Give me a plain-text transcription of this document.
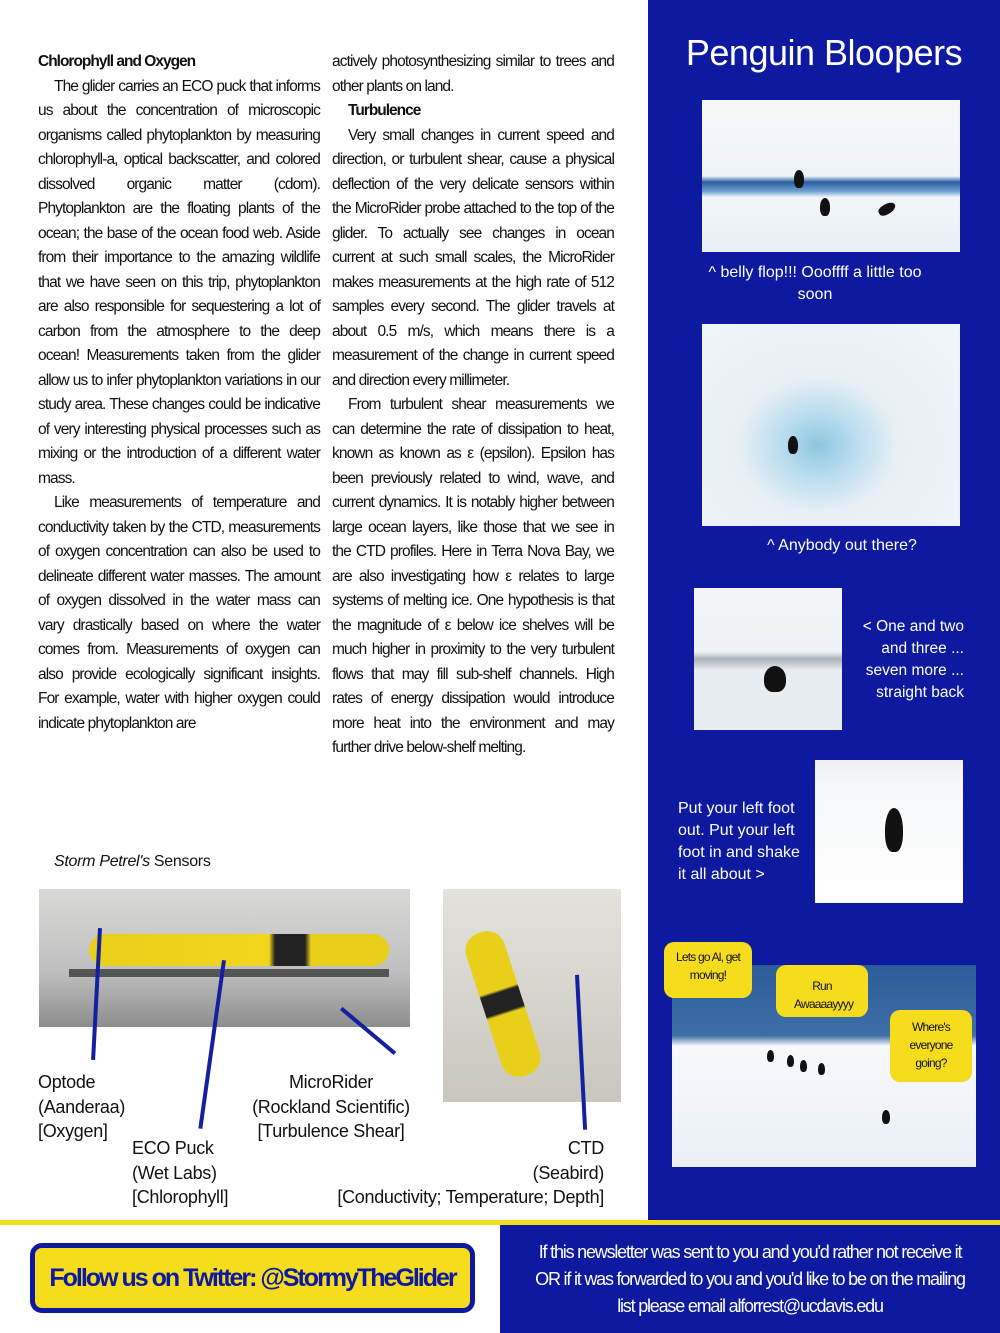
Chlorophyll and Oxygen

The glider carries an ECO puck that informs us about the concentration of microscopic organisms called phytoplankton by measuring chlorophyll-a, optical backscatter, and colored dissolved organic matter (cdom). Phytoplankton are the floating plants of the ocean; the base of the ocean food web. Aside from their importance to the amazing wildlife that we have seen on this trip, phytoplankton are also responsible for sequestering a lot of carbon from the atmosphere to the deep ocean! Measurements taken from the glider allow us to infer phytoplankton variations in our study area. These changes could be indicative of very interesting physical processes such as mixing or the introduction of a different water mass.

Like measurements of temperature and conductivity taken by the CTD, measurements of oxygen concentration can also be used to delineate different water masses. The amount of oxygen dissolved in the water mass can vary drastically based on where the water comes from. Measurements of oxygen can also provide ecologically significant insights. For example, water with higher oxygen could indicate phytoplankton are

actively photosynthesizing similar to trees and other plants on land.

Turbulence

Very small changes in current speed and direction, or turbulent shear, cause a physical deflection of the very delicate sensors within the MicroRider probe attached to the top of the glider. To actually see changes in ocean current at such small scales, the MicroRider makes measurements at the high rate of 512 samples every second. The glider travels at about 0.5 m/s, which means there is a measurement of the change in current speed and direction every millimeter.

From turbulent shear measurements we can determine the rate of dissipation to heat, known as known as ε (epsilon). Epsilon has been previously related to wind, wave, and current dynamics. It is notably higher between large ocean layers, like those that we see in the CTD profiles. Here in Terra Nova Bay, we are also investigating how ε relates to large systems of melting ice. One hypothesis is that the magnitude of ε below ice shelves will be much higher in proximity to the very turbulent flows that may fill sub-shelf channels. High rates of energy dissipation would introduce more heat into the environment and may further drive below-shelf melting.

Storm Petrel's Sensors
Optode
(Aanderaa)
[Oxygen]
ECO Puck
(Wet Labs)
[Chlorophyll]
MicroRider
(Rockland Scientific)
[Turbulence Shear]
CTD
(Seabird)
[Conductivity; Temperature; Depth]
Penguin Bloopers
^ belly flop!!! Oooffff a little too soon
^ Anybody out there?
< One and two
and three ...
seven more ...
straight back
Put your left foot out. Put your left foot in and shake it all about >
Lets go Al, get moving!
Run Awaaaayyyy
Where's everyone going?
Follow us on Twitter: @StormyTheGlider
If this newsletter was sent to you and you'd rather not receive it
OR if it was forwarded to you and you'd like to be on the mailing
list please email alforrest@ucdavis.edu
